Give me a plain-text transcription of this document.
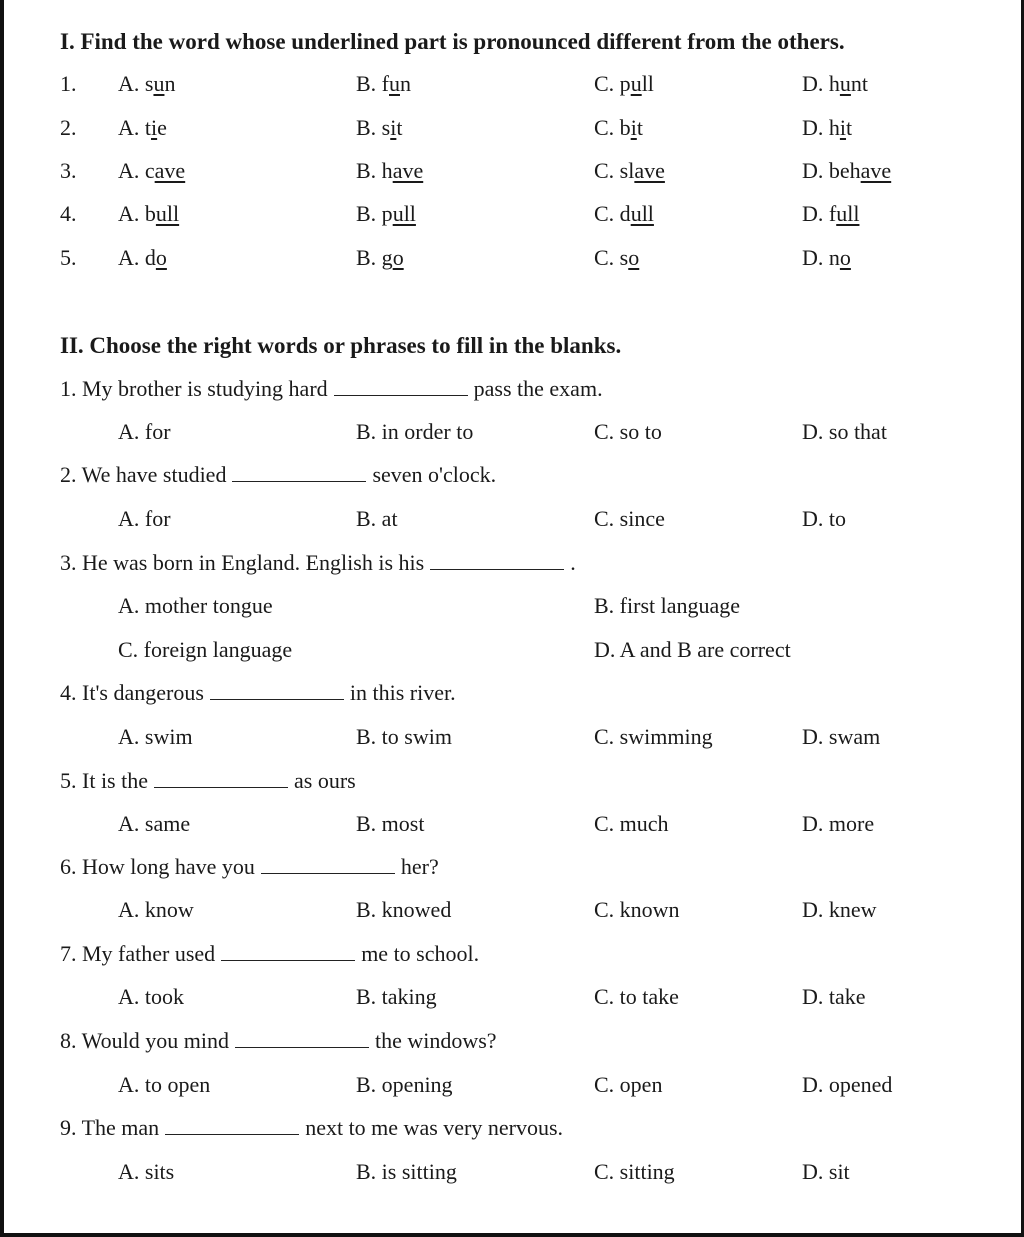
I. Find the word whose underlined part is pronounced different from the others.
1. A. sun	B. fun	C. pull	D. hunt
2. A. tie	B. sit	C. bit	D. hit
3. A. cave	B. have	C. slave	D. behave
4. A. bull	B. pull	C. dull	D. full
5. A. do	B. go	C. so	D. no
II. Choose the right words or phrases to fill in the blanks.
1. My brother is studying hard	pass the exam.
A. for	B. in order to	C. so to	D. so that
2. We have studied	seven o'clock.
A. for	B. at	C. since	D. to
3. He was born in England. English is his	.
A. mother tongue	B. first language
C. foreign language	D. A and B are correct
4. It's dangerous	in this river.
A. swim	B. to swim	C. swimming	D. swam
5. It is the	as ours
A. same	B. most	C. much	D. more
6. How long have you	her?
A. know	B. knowed	C. known	D. knew
7. My father used	me to school.
A. took	B. taking	C. to take	D. take
8. Would you mind	the windows?
A. to open	B. opening	C. open	D. opened
9. The man	next to me was very nervous.
A. sits	B. is sitting	C. sitting	D. sit
